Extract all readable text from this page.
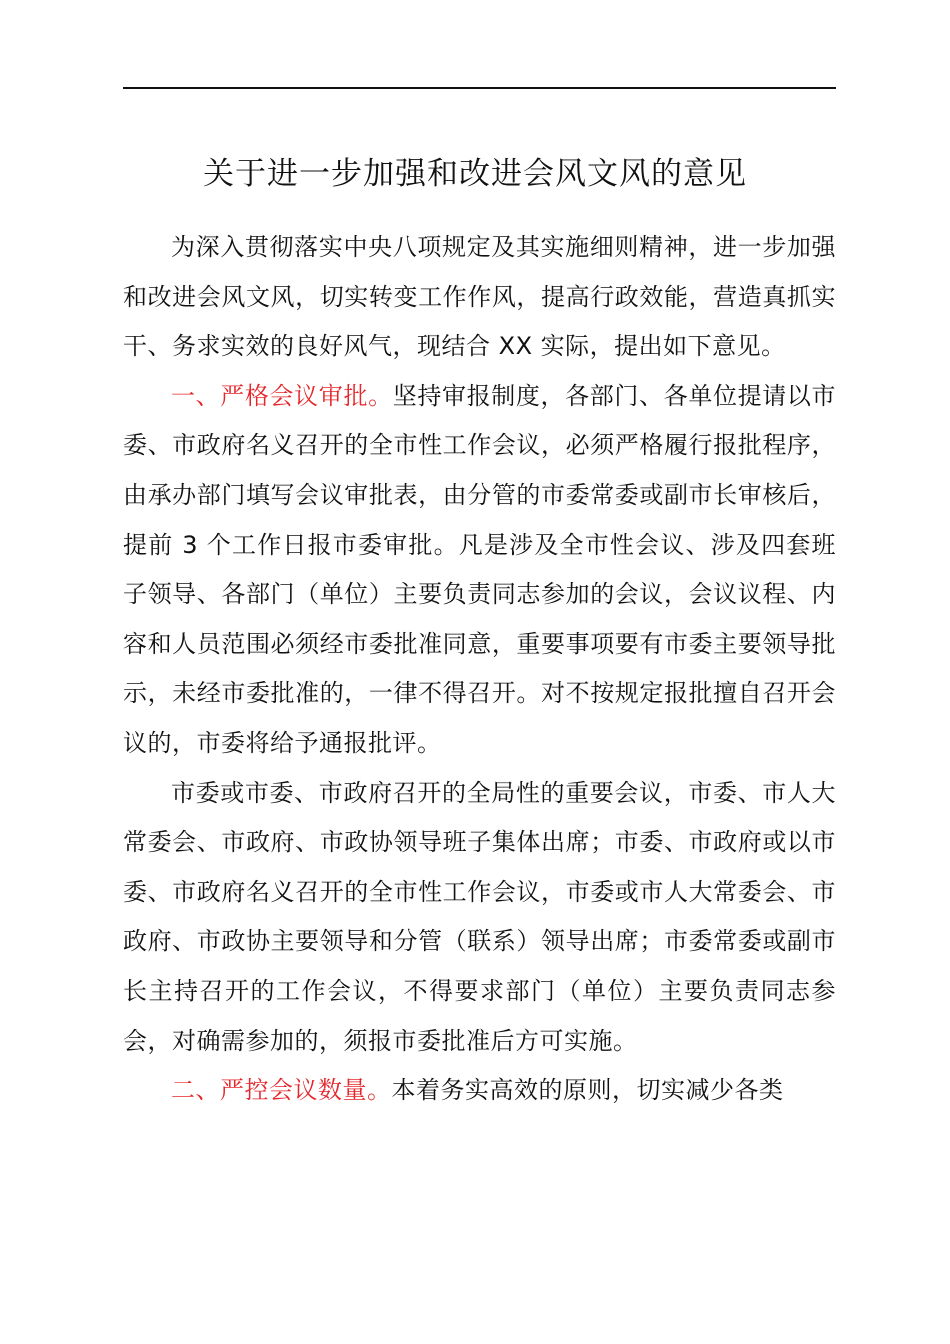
关于进一步加强和改进会风文风的意见

为深入贯彻落实中央八项规定及其实施细则精神，进一步加强和改进会风文风，切实转变工作作风，提高行政效能，营造真抓实干、务求实效的良好风气，现结合 XX 实际，提出如下意见。

一、严格会议审批。坚持审报制度，各部门、各单位提请以市委、市政府名义召开的全市性工作会议，必须严格履行报批程序，由承办部门填写会议审批表，由分管的市委常委或副市长审核后，提前 3 个工作日报市委审批。凡是涉及全市性会议、涉及四套班子领导、各部门（单位）主要负责同志参加的会议，会议议程、内容和人员范围必须经市委批准同意，重要事项要有市委主要领导批示，未经市委批准的，一律不得召开。对不按规定报批擅自召开会议的，市委将给予通报批评。

市委或市委、市政府召开的全局性的重要会议，市委、市人大常委会、市政府、市政协领导班子集体出席；市委、市政府或以市委、市政府名义召开的全市性工作会议，市委或市人大常委会、市政府、市政协主要领导和分管（联系）领导出席；市委常委或副市长主持召开的工作会议，不得要求部门（单位）主要负责同志参会，对确需参加的，须报市委批准后方可实施。

二、严控会议数量。本着务实高效的原则，切实减少各类
